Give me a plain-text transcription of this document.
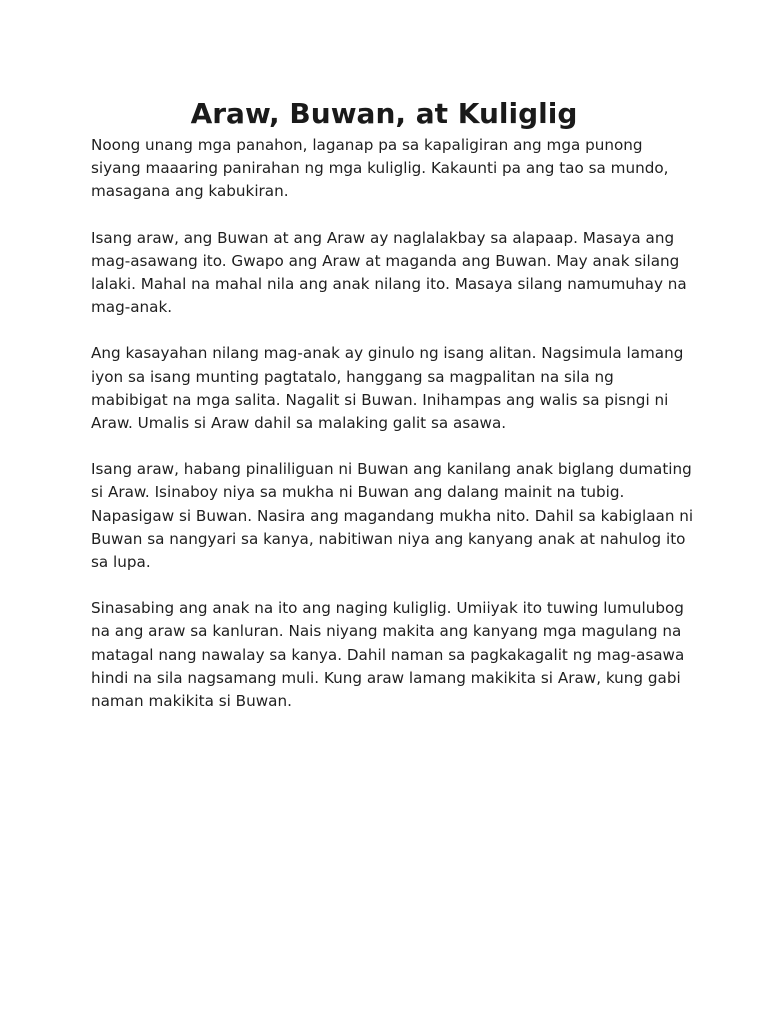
Araw, Buwan, at Kuliglig

Noong unang mga panahon, laganap pa sa kapaligiran ang mga punong
siyang maaaring panirahan ng mga kuliglig. Kakaunti pa ang tao sa mundo,
masagana ang kabukiran.

Isang araw, ang Buwan at ang Araw ay naglalakbay sa alapaap. Masaya ang
mag-asawang ito. Gwapo ang Araw at maganda ang Buwan. May anak silang
lalaki. Mahal na mahal nila ang anak nilang ito. Masaya silang namumuhay na
mag-anak.

Ang kasayahan nilang mag-anak ay ginulo ng isang alitan. Nagsimula lamang
iyon sa isang munting pagtatalo, hanggang sa magpalitan na sila ng
mabibigat na mga salita. Nagalit si Buwan. Inihampas ang walis sa pisngi ni
Araw. Umalis si Araw dahil sa malaking galit sa asawa.

Isang araw, habang pinaliliguan ni Buwan ang kanilang anak biglang dumating
si Araw. Isinaboy niya sa mukha ni Buwan ang dalang mainit na tubig.
Napasigaw si Buwan. Nasira ang magandang mukha nito. Dahil sa kabiglaan ni
Buwan sa nangyari sa kanya, nabitiwan niya ang kanyang anak at nahulog ito
sa lupa.

Sinasabing ang anak na ito ang naging kuliglig. Umiiyak ito tuwing lumulubog
na ang araw sa kanluran. Nais niyang makita ang kanyang mga magulang na
matagal nang nawalay sa kanya. Dahil naman sa pagkakagalit ng mag-asawa
hindi na sila nagsamang muli. Kung araw lamang makikita si Araw, kung gabi
naman makikita si Buwan.
